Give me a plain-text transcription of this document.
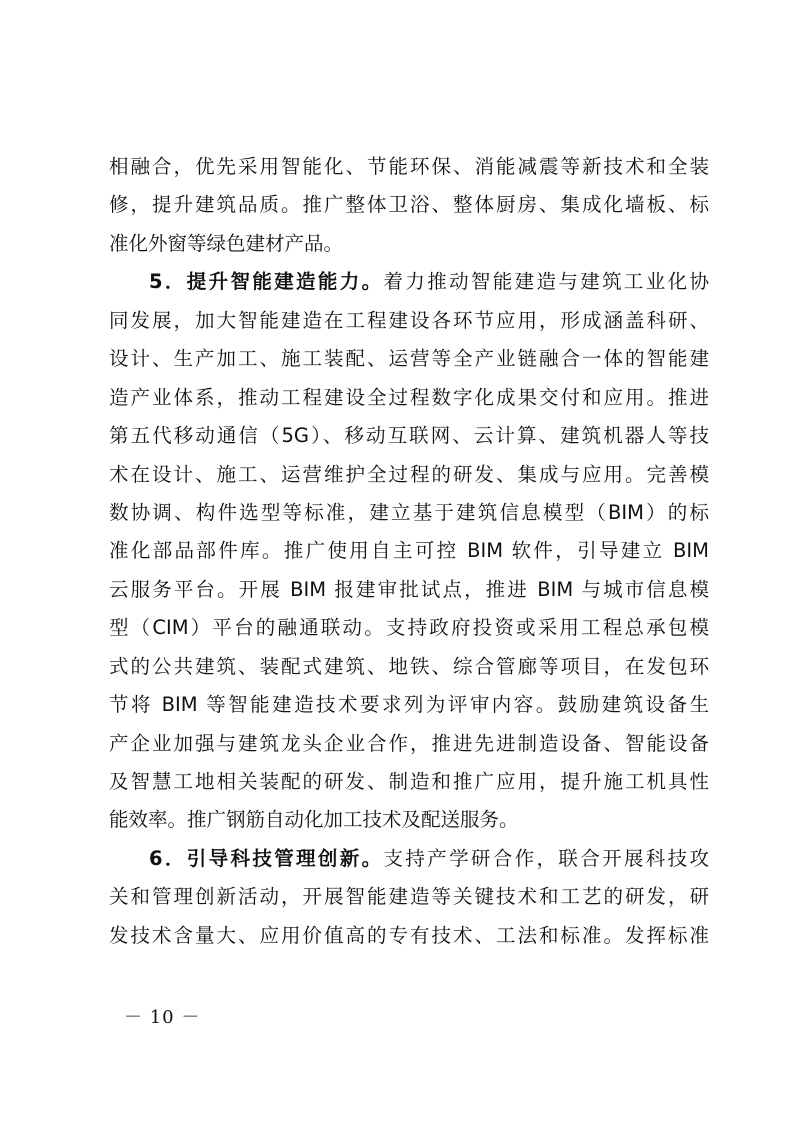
相融合，优先采用智能化、节能环保、消能减震等新技术和全装
修，提升建筑品质。推广整体卫浴、整体厨房、集成化墙板、标
准化外窗等绿色建材产品。
5．提升智能建造能力。着力推动智能建造与建筑工业化协
同发展，加大智能建造在工程建设各环节应用，形成涵盖科研、
设计、生产加工、施工装配、运营等全产业链融合一体的智能建
造产业体系，推动工程建设全过程数字化成果交付和应用。推进
第五代移动通信（5G）、移动互联网、云计算、建筑机器人等技
术在设计、施工、运营维护全过程的研发、集成与应用。完善模
数协调、构件选型等标准，建立基于建筑信息模型（BIM）的标
准化部品部件库。推广使用自主可控 BIM 软件，引导建立 BIM
云服务平台。开展 BIM 报建审批试点，推进 BIM 与城市信息模
型（CIM）平台的融通联动。支持政府投资或采用工程总承包模
式的公共建筑、装配式建筑、地铁、综合管廊等项目，在发包环
节将 BIM 等智能建造技术要求列为评审内容。鼓励建筑设备生
产企业加强与建筑龙头企业合作，推进先进制造设备、智能设备
及智慧工地相关装配的研发、制造和推广应用，提升施工机具性
能效率。推广钢筋自动化加工技术及配送服务。
6．引导科技管理创新。支持产学研合作，联合开展科技攻
关和管理创新活动，开展智能建造等关键技术和工艺的研发，研
发技术含量大、应用价值高的专有技术、工法和标准。发挥标准
－ 10 －
